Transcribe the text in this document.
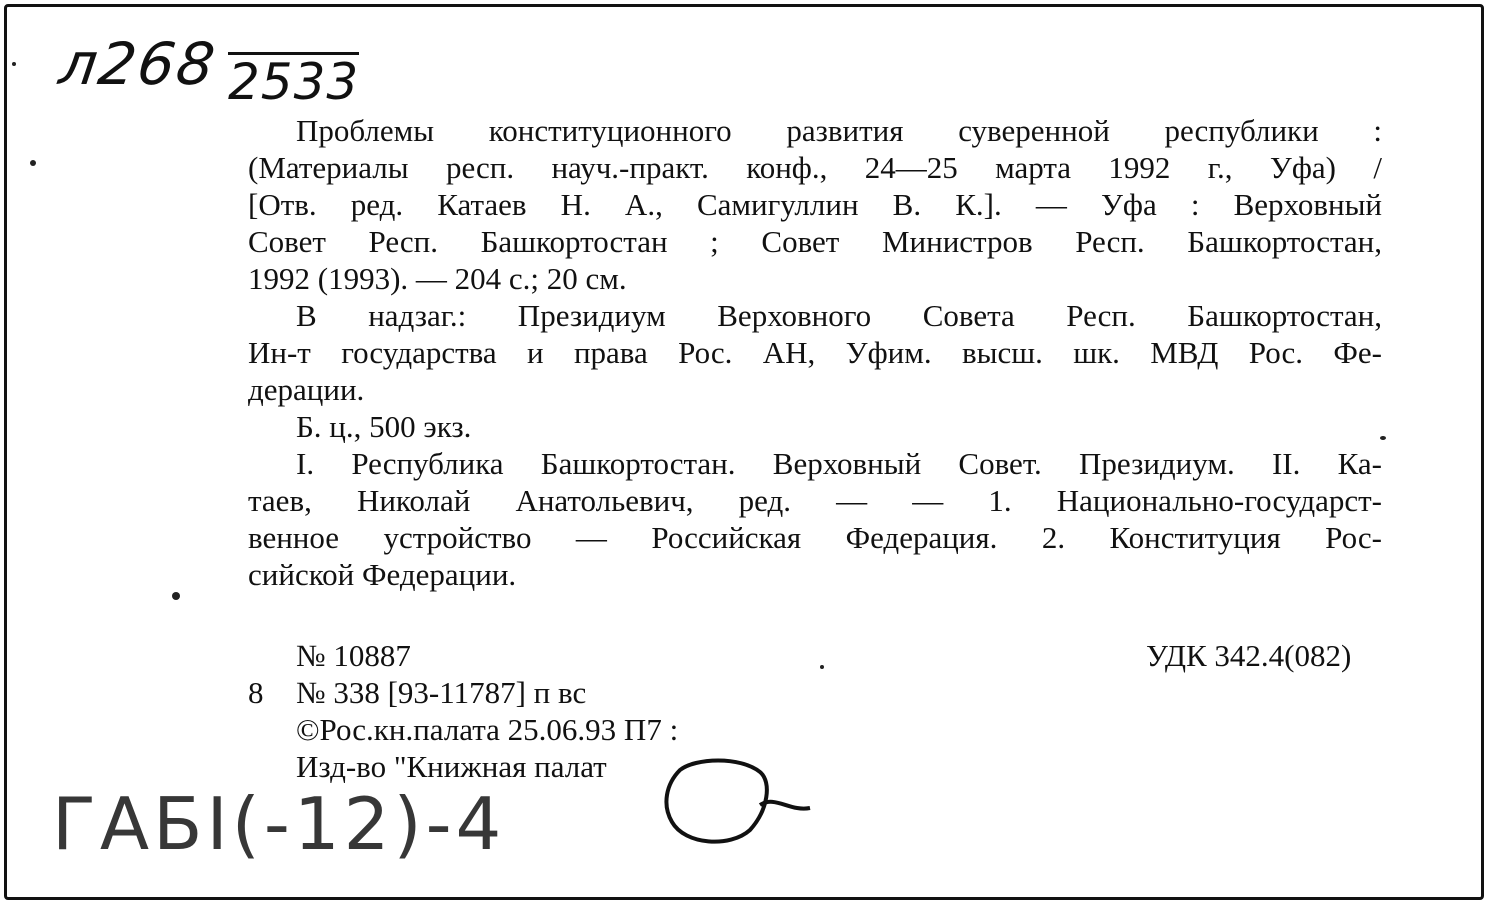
л268 2533
Проблемы конституционного развития суверенной республики :
(Материалы респ. науч.-практ. конф., 24—25 марта 1992 г., Уфа) /
[Отв. ред. Катаев Н. А., Самигуллин В. К.]. — Уфа : Верховный
Совет Респ. Башкортостан ; Совет Министров Респ. Башкортостан,
1992 (1993). — 204 с.; 20 см.
В надзаг.: Президиум Верховного Совета Респ. Башкортостан,
Ин-т государства и права Рос. АН, Уфим. высш. шк. МВД Рос. Фе-
дерации.
Б. ц., 500 экз.
I. Республика Башкортостан. Верховный Совет. Президиум. II. Ка-
таев, Николай Анатольевич, ред. — — 1. Национально-государст-
венное устройство — Российская Федерация. 2. Конституция Рос-
сийской Федерации.
№ 10887	УДК 342.4(082)
8 № 338 [93-11787] п вс
©Рос.кн.палата 25.06.93 П7 :
Изд-во "Книжная палат
ГАБΙ(-12)-4
